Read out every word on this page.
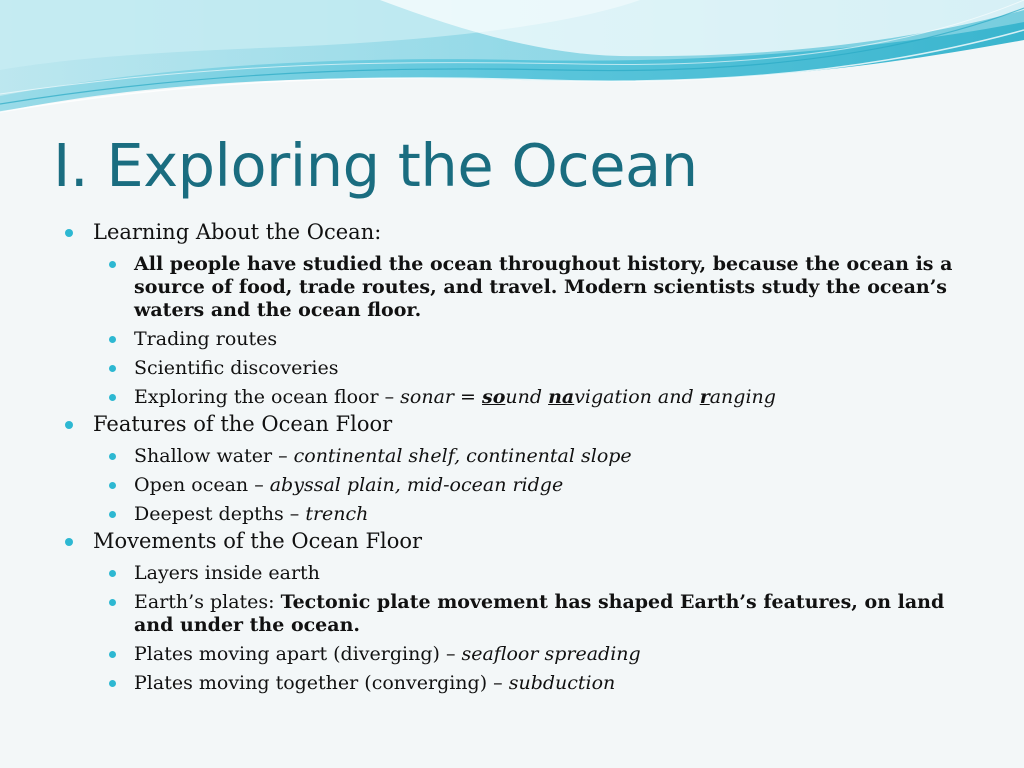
I. Exploring the Ocean
Learning About the Ocean:
All people have studied the ocean throughout history, because the ocean is a source of food, trade routes, and travel. Modern scientists study the ocean’s waters and the ocean floor.
Trading routes
Scientific discoveries
Exploring the ocean floor – sonar = sound navigation and ranging
Features of the Ocean Floor
Shallow water – continental shelf, continental slope
Open ocean – abyssal plain, mid-ocean ridge
Deepest depths – trench
Movements of the Ocean Floor
Layers inside earth
Earth’s plates: Tectonic plate movement has shaped Earth’s features, on land and under the ocean.
Plates moving apart (diverging) – seafloor spreading
Plates moving together (converging) – subduction
